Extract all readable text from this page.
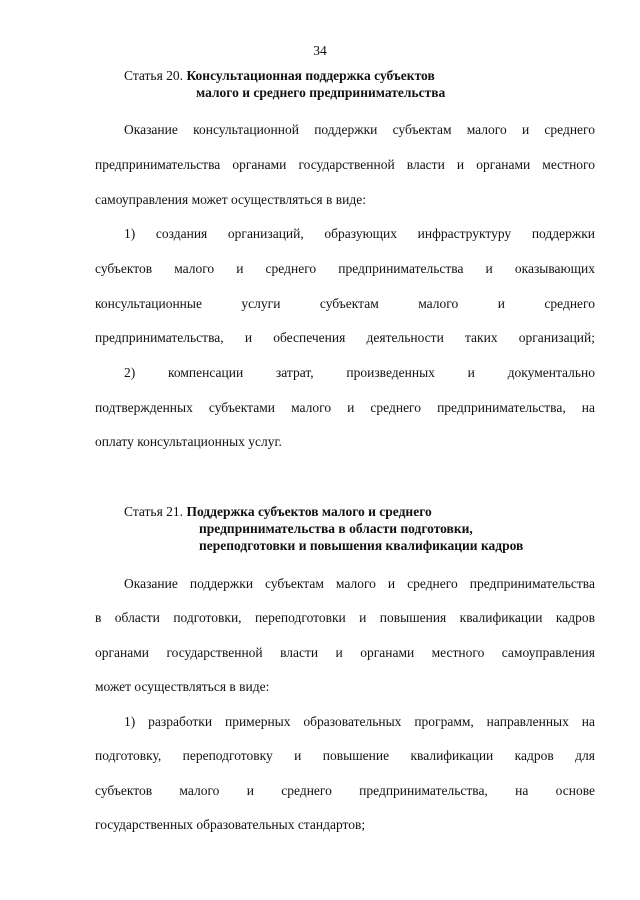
34
Статья 20. Консультационная поддержка субъектов
малого и среднего предпринимательства
Оказание консультационной поддержки субъектам малого и среднего
предпринимательства органами государственной власти и органами местного
самоуправления может осуществляться в виде:
1) создания организаций, образующих инфраструктуру поддержки
субъектов малого и среднего предпринимательства и оказывающих
консультационные услуги субъектам малого и среднего
предпринимательства, и обеспечения деятельности таких организаций;
2) компенсации затрат, произведенных и документально
подтвержденных субъектами малого и среднего предпринимательства, на
оплату консультационных услуг.
Статья 21. Поддержка субъектов малого и среднего
предпринимательства в области подготовки,
переподготовки и повышения квалификации кадров
Оказание поддержки субъектам малого и среднего предпринимательства
в области подготовки, переподготовки и повышения квалификации кадров
органами государственной власти и органами местного самоуправления
может осуществляться в виде:
1) разработки примерных образовательных программ, направленных на
подготовку, переподготовку и повышение квалификации кадров для
субъектов малого и среднего предпринимательства, на основе
государственных образовательных стандартов;
